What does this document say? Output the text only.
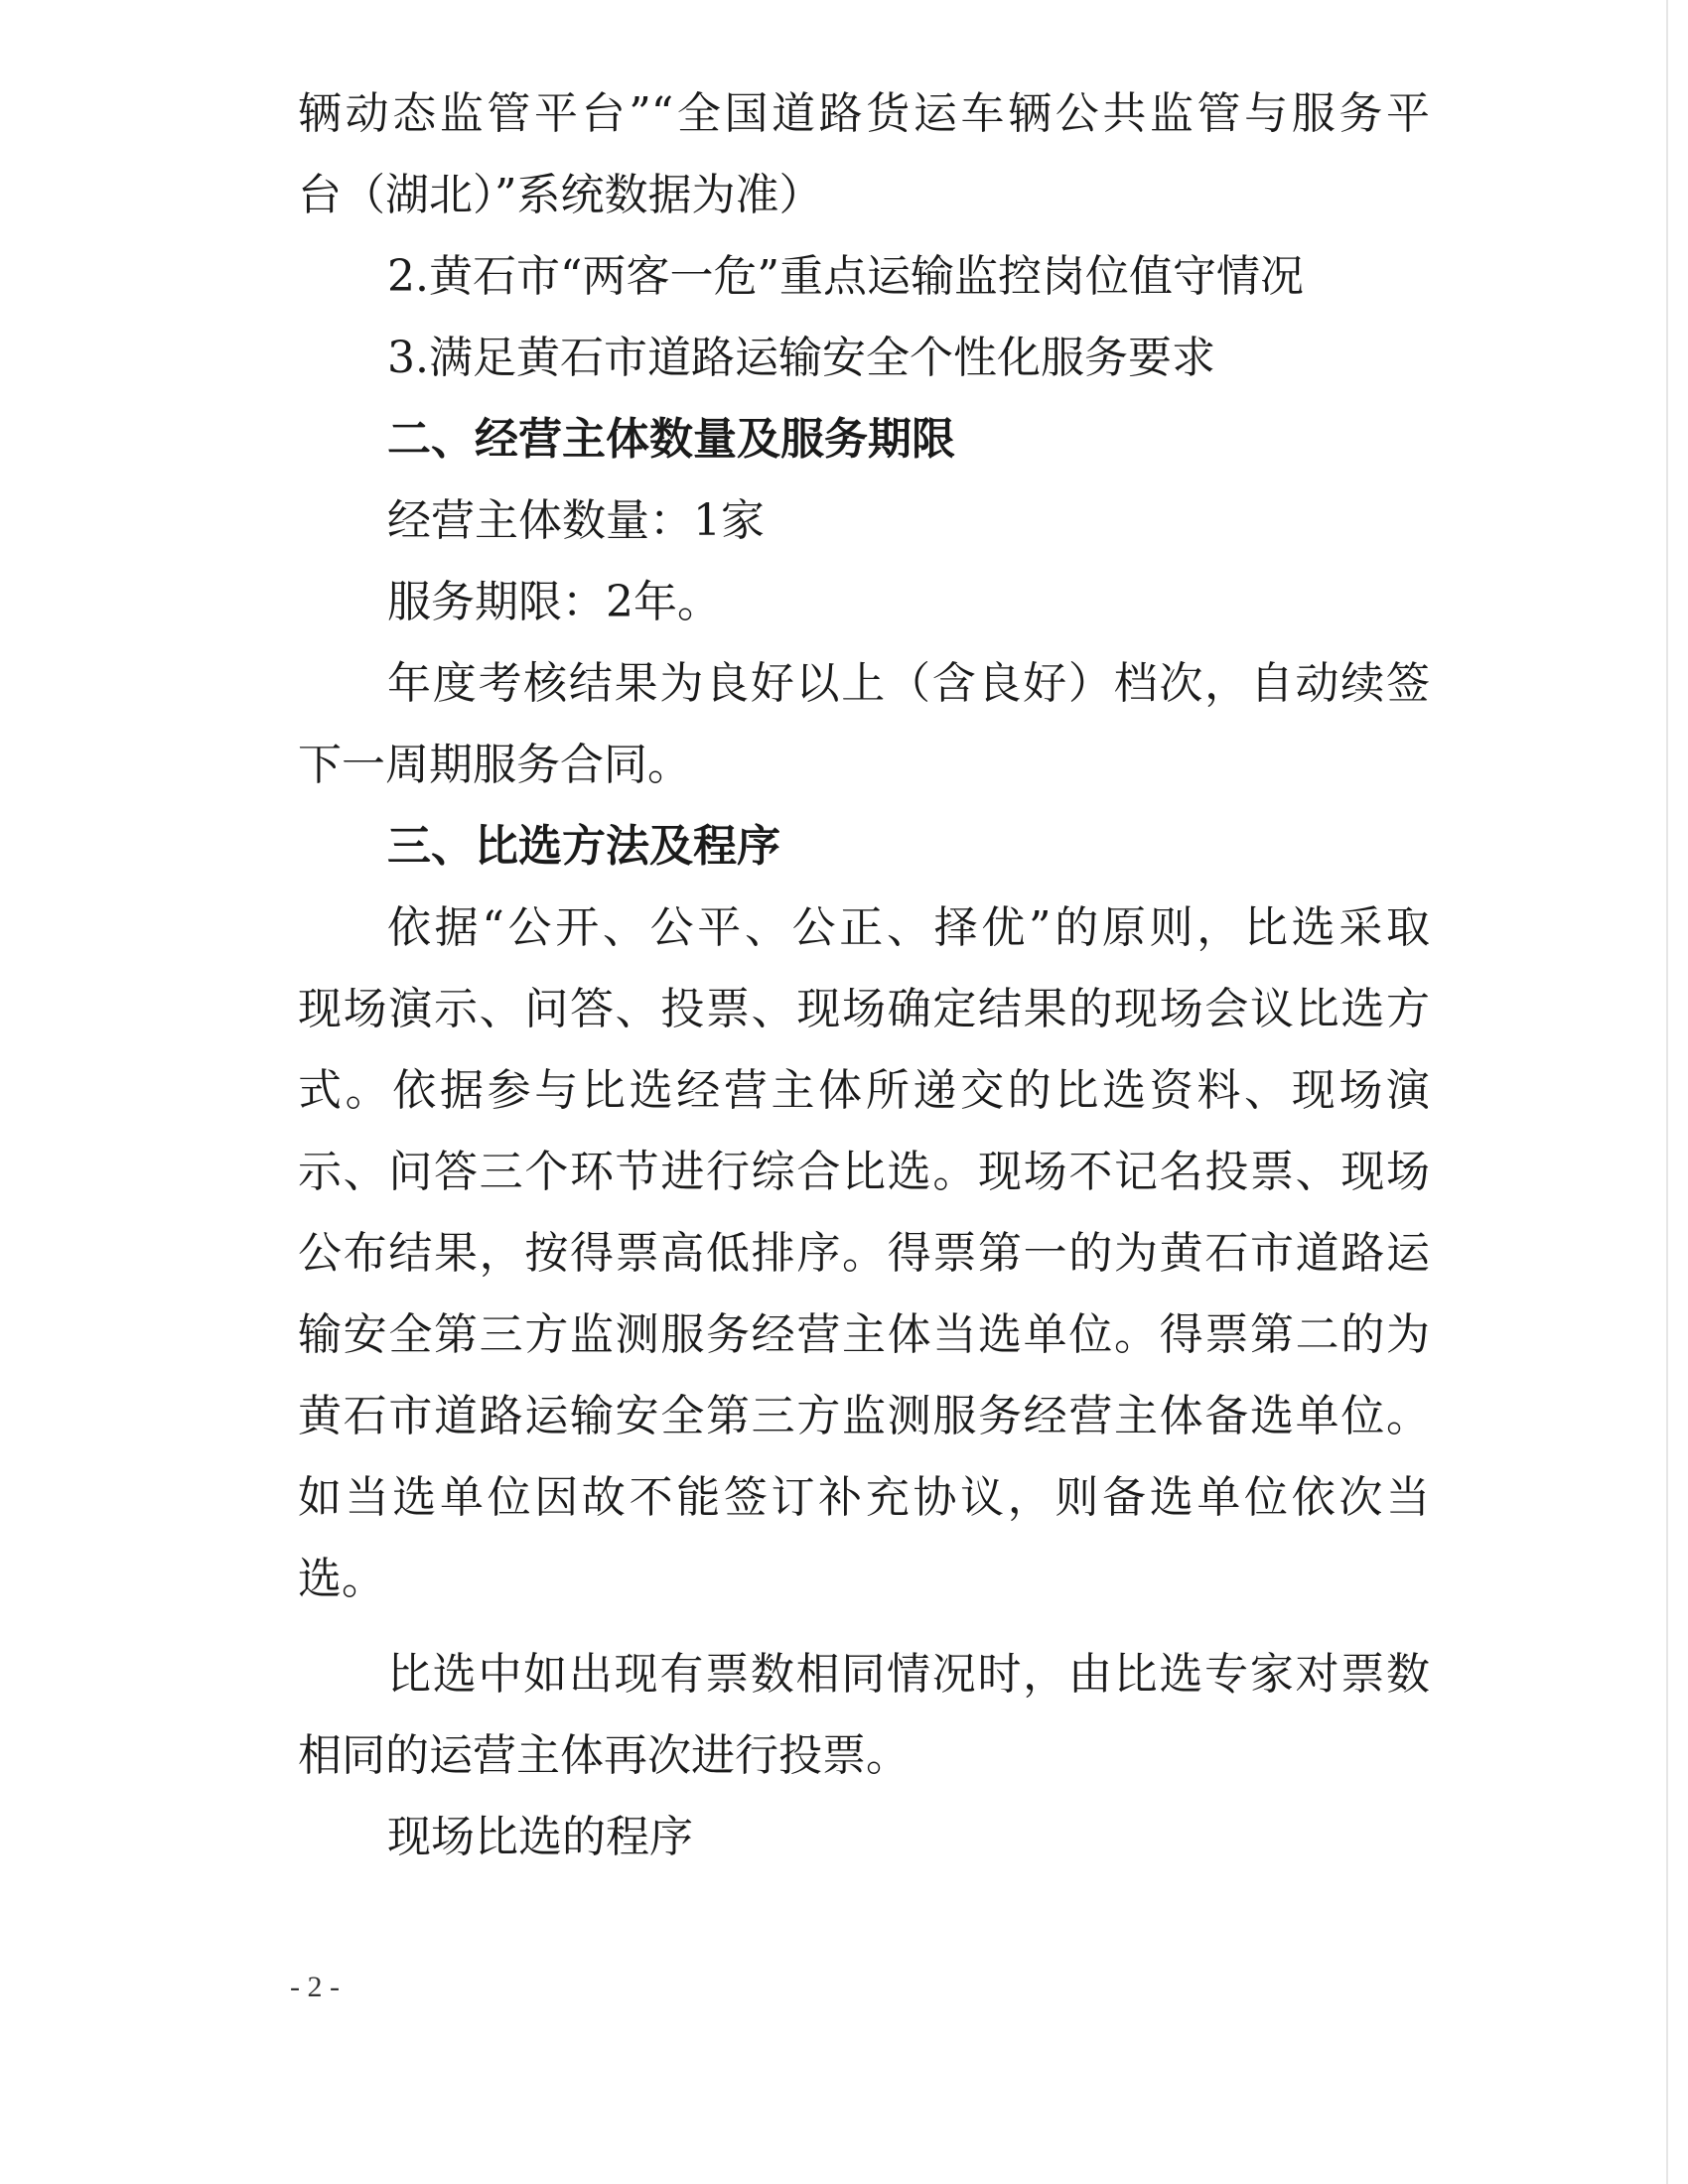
辆动态监管平台”“全国道路货运车辆公共监管与服务平
台（湖北）”系统数据为准）
2.黄石市“两客一危”重点运输监控岗位值守情况
3.满足黄石市道路运输安全个性化服务要求
二、经营主体数量及服务期限
经营主体数量：1家
服务期限：2年。
年度考核结果为良好以上（含良好）档次，自动续签
下一周期服务合同。
三、比选方法及程序
依据“公开、公平、公正、择优”的原则，比选采取
现场演示、问答、投票、现场确定结果的现场会议比选方
式。依据参与比选经营主体所递交的比选资料、现场演
示、问答三个环节进行综合比选。现场不记名投票、现场
公布结果，按得票高低排序。得票第一的为黄石市道路运
输安全第三方监测服务经营主体当选单位。得票第二的为
黄石市道路运输安全第三方监测服务经营主体备选单位。
如当选单位因故不能签订补充协议，则备选单位依次当
选。
比选中如出现有票数相同情况时，由比选专家对票数
相同的运营主体再次进行投票。
现场比选的程序
- 2 -
